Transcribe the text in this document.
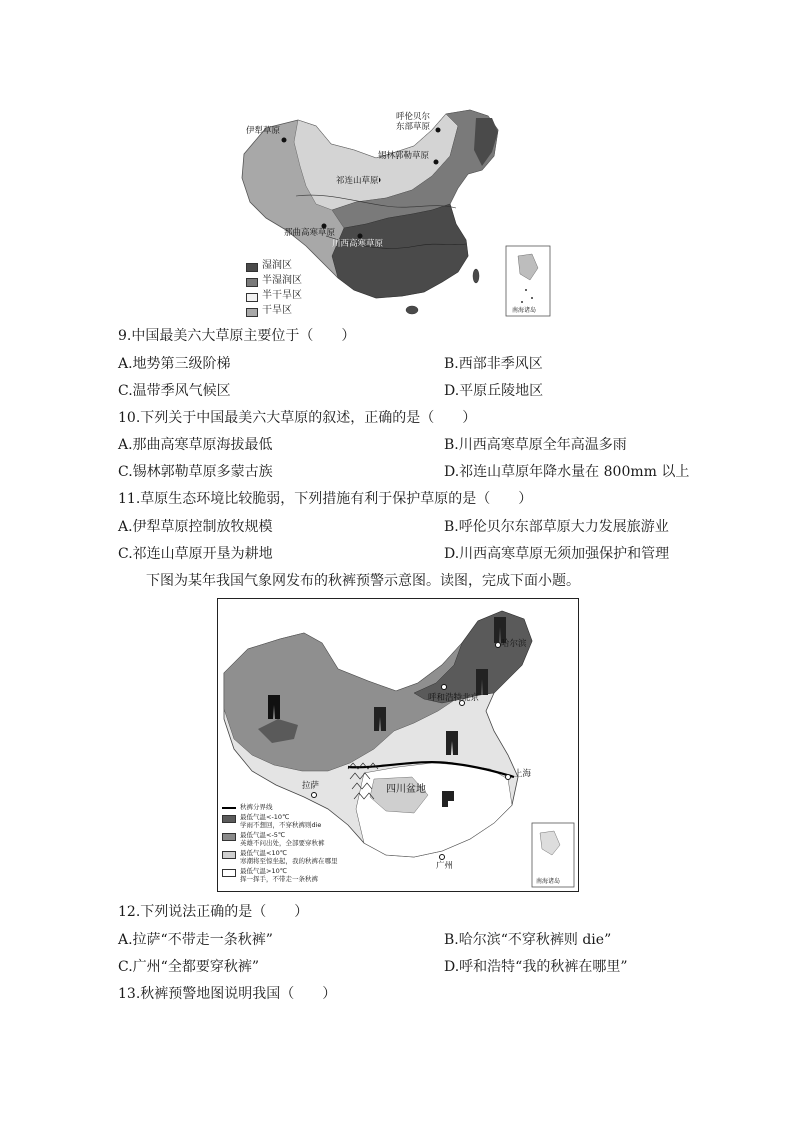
伊犁草原
呼伦贝尔
东部草原
锡林郭勒草原
祁连山草原
那曲高寒草原
川西高寒草原
南海诸岛
湿润区
半湿润区
半干旱区
干旱区
9.中国最美六大草原主要位于（　　）
A.地势第三级阶梯	B.西部非季风区
C.温带季风气候区	D.平原丘陵地区
10.下列关于中国最美六大草原的叙述，正确的是（　　）
A.那曲高寒草原海拔最低	B.川西高寒草原全年高温多雨
C.锡林郭勒草原多蒙古族	D.祁连山草原年降水量在 800mm 以上
11.草原生态环境比较脆弱，下列措施有利于保护草原的是（　　）
A.伊犁草原控制放牧规模	B.呼伦贝尔东部草原大力发展旅游业
C.祁连山草原开垦为耕地	D.川西高寒草原无须加强保护和管理
下图为某年我国气象网发布的秋裤预警示意图。读图，完成下面小题。
哈尔滨
呼和浩特 北京
拉萨	四川盆地
上海
广州
南海诸岛
秋裤分界线
最低气温<-10℃
学雨不想回，不穿秋裤则die
最低气温<-5℃
英雄不问出处，全部要穿秋裤
最低气温<10℃
寒潮将至惊坐起，我的秋裤在哪里
最低气温>10℃
挥一挥手，不带走一条秋裤
12.下列说法正确的是（　　）
A.拉萨“不带走一条秋裤”	B.哈尔滨“不穿秋裤则 die”
C.广州“全都要穿秋裤”	D.呼和浩特“我的秋裤在哪里”
13.秋裤预警地图说明我国（　　）
